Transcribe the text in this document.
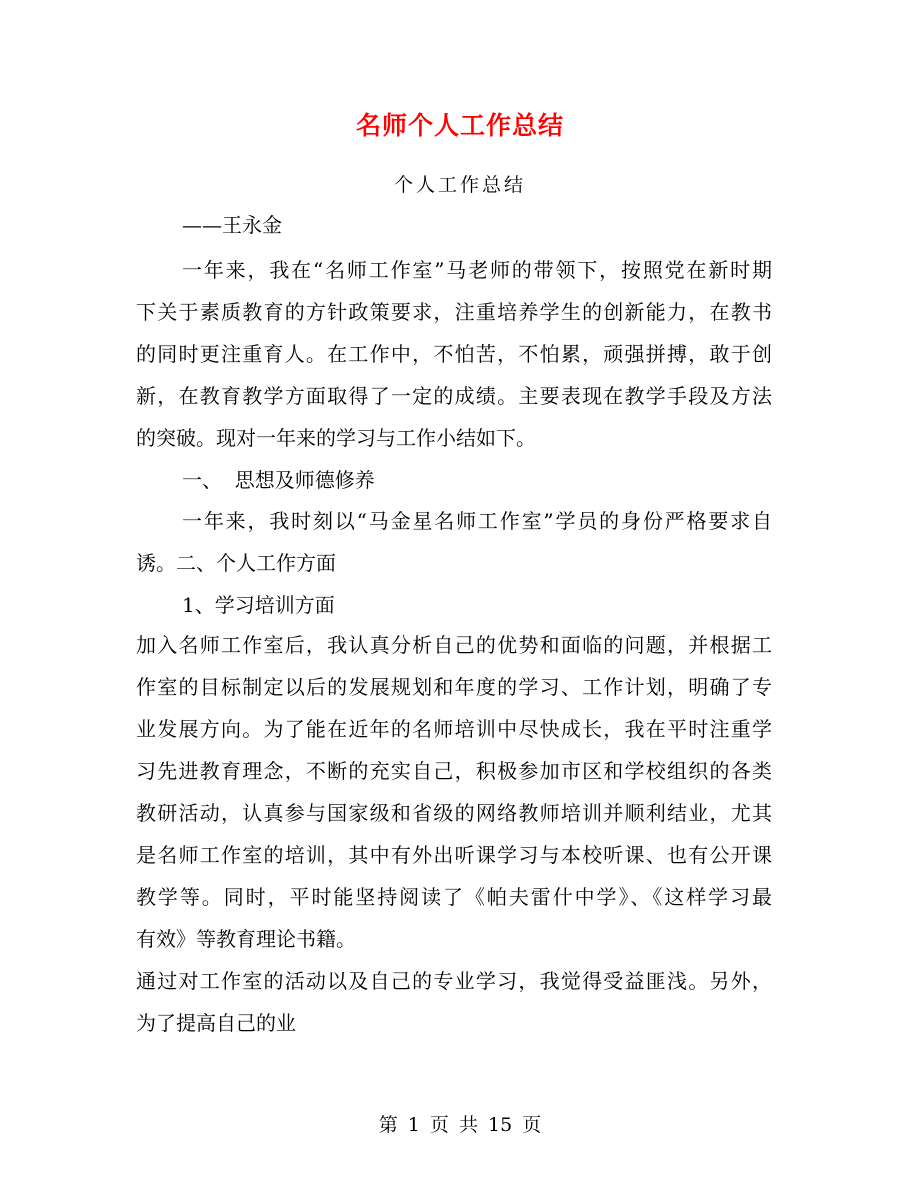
名师个人工作总结
个人工作总结
——王永金
一年来，我在“名师工作室”马老师的带领下，按照党在新时期
下关于素质教育的方针政策要求，注重培养学生的创新能力，在教书
的同时更注重育人。在工作中，不怕苦，不怕累，顽强拼搏，敢于创
新，在教育教学方面取得了一定的成绩。主要表现在教学手段及方法
的突破。现对一年来的学习与工作小结如下。
一、  思想及师德修养
一年来，我时刻以“马金星名师工作室”学员的身份严格要求自
诱。二、个人工作方面
1、学习培训方面
加入名师工作室后，我认真分析自己的优势和面临的问题，并根据工
作室的目标制定以后的发展规划和年度的学习、工作计划，明确了专
业发展方向。为了能在近年的名师培训中尽快成长，我在平时注重学
习先进教育理念，不断的充实自己，积极参加市区和学校组织的各类
教研活动，认真参与国家级和省级的网络教师培训并顺利结业，尤其
是名师工作室的培训，其中有外出听课学习与本校听课、也有公开课
教学等。同时，平时能坚持阅读了《帕夫雷什中学》、《这样学习最
有效》等教育理论书籍。
通过对工作室的活动以及自己的专业学习，我觉得受益匪浅。另外，
为了提高自己的业
第 1 页 共 15 页
